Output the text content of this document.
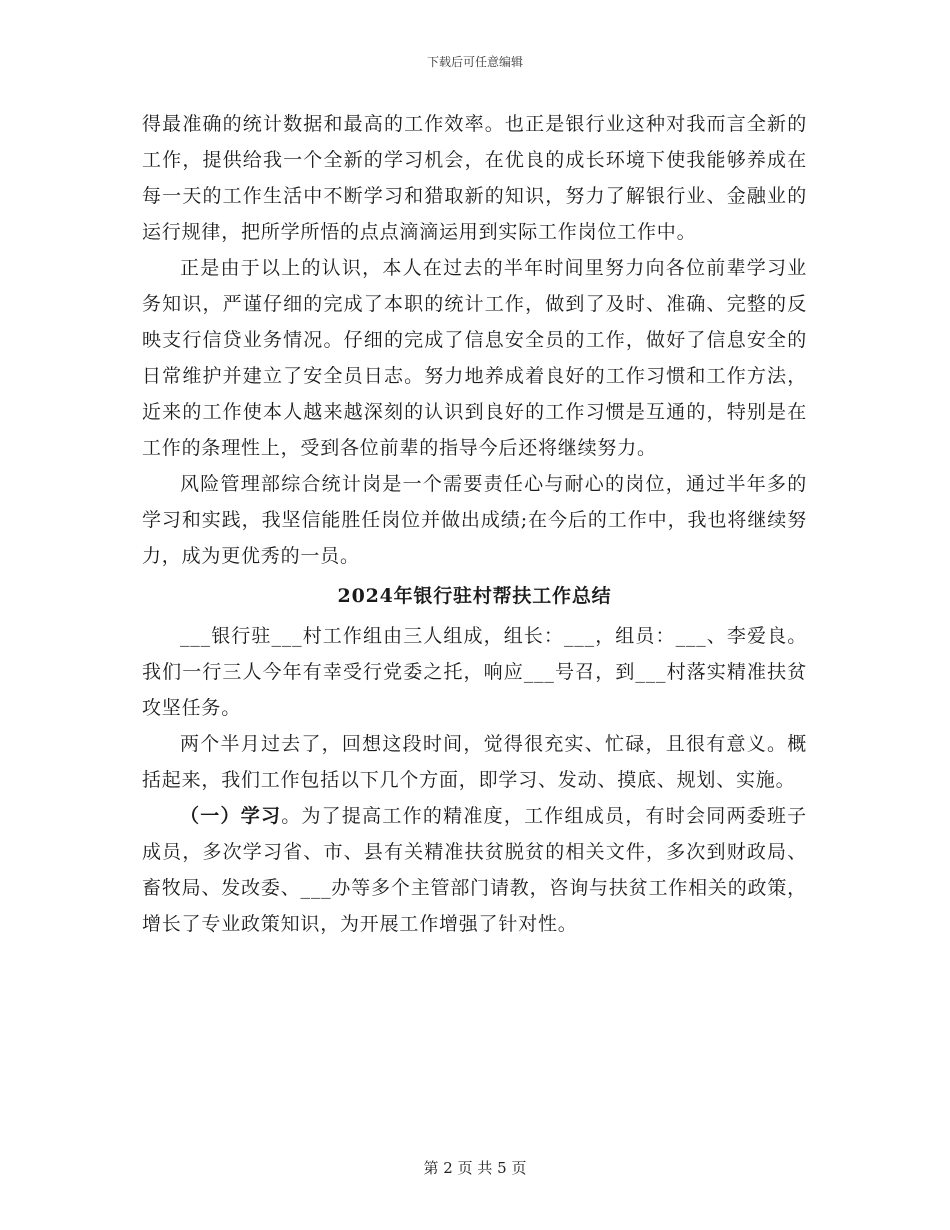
下载后可任意编辑

得最准确的统计数据和最高的工作效率。也正是银行业这种对我而言全新的工作，提供给我一个全新的学习机会，在优良的成长环境下使我能够养成在每一天的工作生活中不断学习和猎取新的知识，努力了解银行业、金融业的运行规律，把所学所悟的点点滴滴运用到实际工作岗位工作中。

正是由于以上的认识，本人在过去的半年时间里努力向各位前辈学习业务知识，严谨仔细的完成了本职的统计工作，做到了及时、准确、完整的反映支行信贷业务情况。仔细的完成了信息安全员的工作，做好了信息安全的日常维护并建立了安全员日志。努力地养成着良好的工作习惯和工作方法，近来的工作使本人越来越深刻的认识到良好的工作习惯是互通的，特别是在工作的条理性上，受到各位前辈的指导今后还将继续努力。

风险管理部综合统计岗是一个需要责任心与耐心的岗位，通过半年多的学习和实践，我坚信能胜任岗位并做出成绩;在今后的工作中，我也将继续努力，成为更优秀的一员。

2024年银行驻村帮扶工作总结

___银行驻___村工作组由三人组成，组长：___，组员：___、李爱良。我们一行三人今年有幸受行党委之托，响应___号召，到___村落实精准扶贫攻坚任务。

两个半月过去了，回想这段时间，觉得很充实、忙碌，且很有意义。概括起来，我们工作包括以下几个方面，即学习、发动、摸底、规划、实施。

（一）学习。为了提高工作的精准度，工作组成员，有时会同两委班子成员，多次学习省、市、县有关精准扶贫脱贫的相关文件，多次到财政局、畜牧局、发改委、___办等多个主管部门请教，咨询与扶贫工作相关的政策，增长了专业政策知识，为开展工作增强了针对性。

第 2 页 共 5 页
